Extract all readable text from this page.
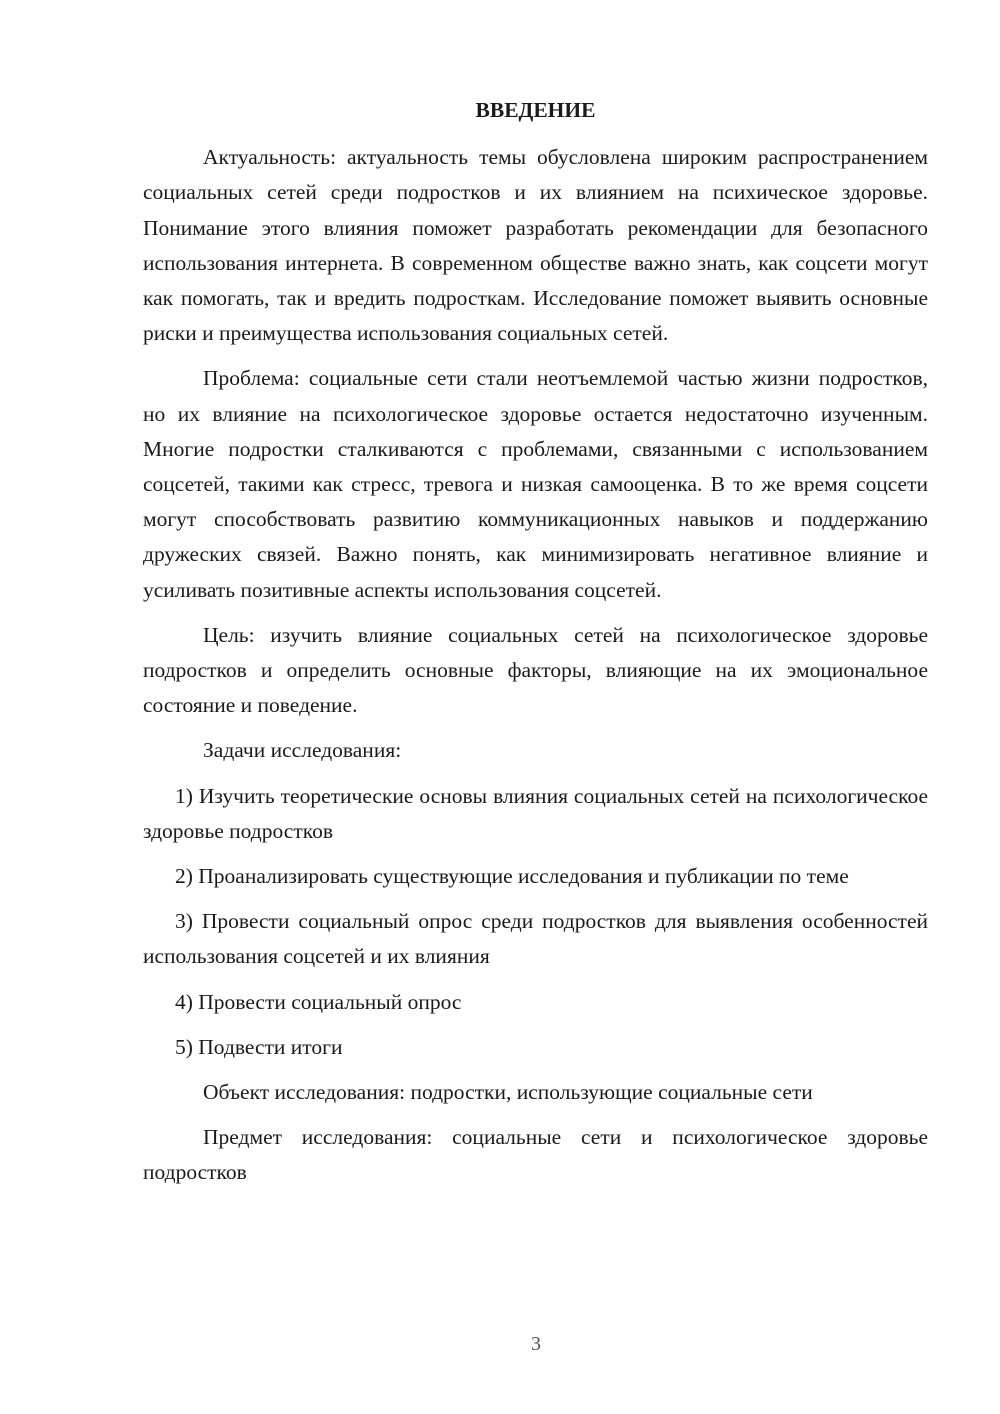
ВВЕДЕНИЕ

Актуальность: актуальность темы обусловлена широким распространением социальных сетей среди подростков и их влиянием на психическое здоровье. Понимание этого влияния поможет разработать рекомендации для безопасного использования интернета. В современном обществе важно знать, как соцсети могут как помогать, так и вредить подросткам. Исследование поможет выявить основные риски и преимущества использования социальных сетей.

Проблема: социальные сети стали неотъемлемой частью жизни подростков, но их влияние на психологическое здоровье остается недостаточно изученным. Многие подростки сталкиваются с проблемами, связанными с использованием соцсетей, такими как стресс, тревога и низкая самооценка. В то же время соцсети могут способствовать развитию коммуникационных навыков и поддержанию дружеских связей. Важно понять, как минимизировать негативное влияние и усиливать позитивные аспекты использования соцсетей.

Цель: изучить влияние социальных сетей на психологическое здоровье подростков и определить основные факторы, влияющие на их эмоциональное состояние и поведение.

Задачи исследования:

1) Изучить теоретические основы влияния социальных сетей на психологическое здоровье подростков

2) Проанализировать существующие исследования и публикации по теме

3) Провести социальный опрос среди подростков для выявления особенностей использования соцсетей и их влияния

4) Провести социальный опрос

5) Подвести итоги

Объект исследования: подростки, использующие социальные сети

Предмет исследования: социальные сети и психологическое здоровье подростков

3
